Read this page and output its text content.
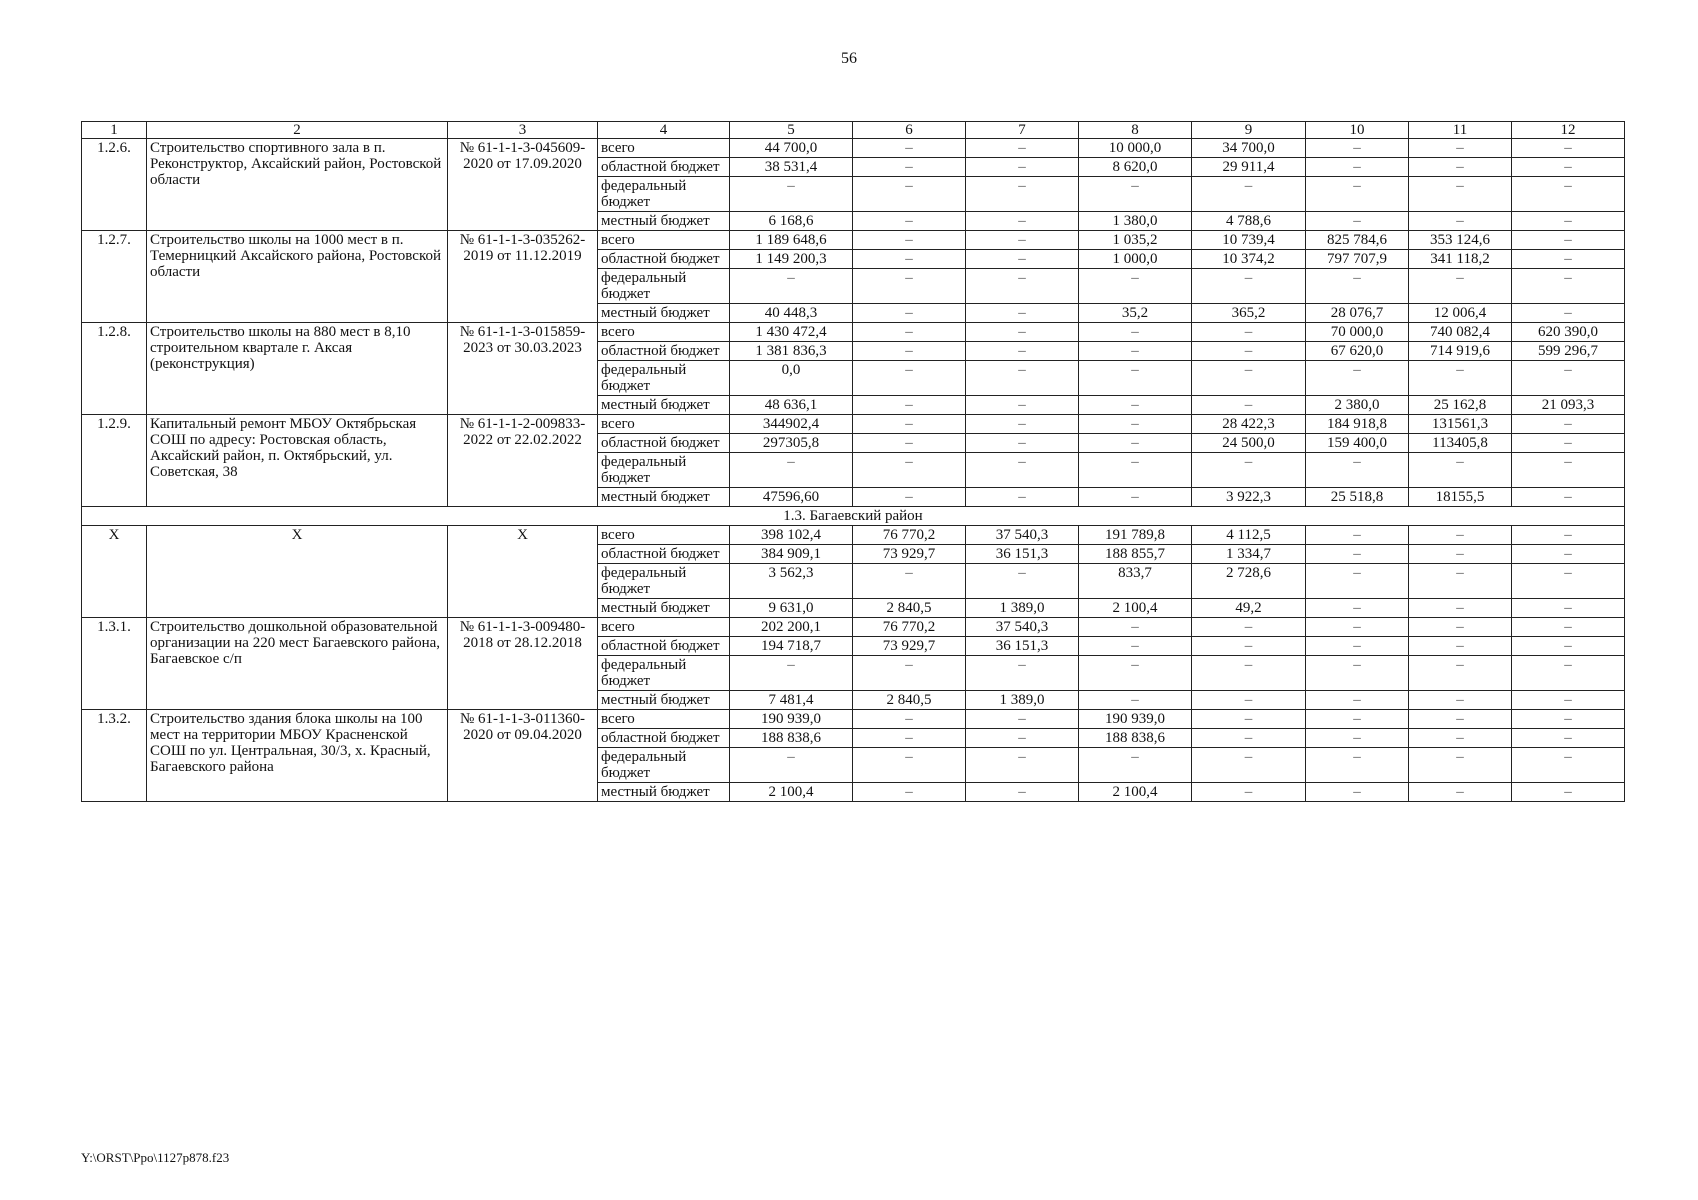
56
1	2	3	4	5	6	7	8	9	10	11	12
1.2.6.	Строительство спортивного зала в п. Реконструктор, Аксайский район, Ростовской области	№ 61-1-1-3-045609-2020 от 17.09.2020	всего	44 700,0	–	–	10 000,0	34 700,0	–	–	–
			областной бюджет	38 531,4	–	–	8 620,0	29 911,4	–	–	–
			федеральный бюджет	–	–	–	–	–	–	–	–
			местный бюджет	6 168,6	–	–	1 380,0	4 788,6	–	–	–
1.2.7.	Строительство школы на 1000 мест в п. Темерницкий Аксайского района, Ростовской области	№ 61-1-1-3-035262-2019 от 11.12.2019	всего	1 189 648,6	–	–	1 035,2	10 739,4	825 784,6	353 124,6	–
			областной бюджет	1 149 200,3	–	–	1 000,0	10 374,2	797 707,9	341 118,2	–
			федеральный бюджет	–	–	–	–	–	–	–	–
			местный бюджет	40 448,3	–	–	35,2	365,2	28 076,7	12 006,4	–
1.2.8.	Строительство школы на 880 мест в 8,10 строительном квартале г. Аксая (реконструкция)	№ 61-1-1-3-015859-2023 от 30.03.2023	всего	1 430 472,4	–	–	–	–	70 000,0	740 082,4	620 390,0
			областной бюджет	1 381 836,3	–	–	–	–	67 620,0	714 919,6	599 296,7
			федеральный бюджет	0,0	–	–	–	–	–	–	–
			местный бюджет	48 636,1	–	–	–	–	2 380,0	25 162,8	21 093,3
1.2.9.	Капитальный ремонт МБОУ Октябрьская СОШ по адресу: Ростовская область, Аксайский район, п. Октябрьский, ул. Советская, 38	№ 61-1-1-2-009833-2022 от 22.02.2022	всего	344902,4	–	–	–	28 422,3	184 918,8	131561,3	–
			областной бюджет	297305,8	–	–	–	24 500,0	159 400,0	113405,8	–
			федеральный бюджет	–	–	–	–	–	–	–	–
			местный бюджет	47596,60	–	–	–	3 922,3	25 518,8	18155,5	–
1.3. Багаевский район											
X	X	X	всего	398 102,4	76 770,2	37 540,3	191 789,8	4 112,5	–	–	–
			областной бюджет	384 909,1	73 929,7	36 151,3	188 855,7	1 334,7	–	–	–
			федеральный бюджет	3 562,3	–	–	833,7	2 728,6	–	–	–
			местный бюджет	9 631,0	2 840,5	1 389,0	2 100,4	49,2	–	–	–
1.3.1.	Строительство дошкольной образовательной организации на 220 мест Багаевского района, Багаевское с/п	№ 61-1-1-3-009480-2018 от 28.12.2018	всего	202 200,1	76 770,2	37 540,3	–	–	–	–	–
			областной бюджет	194 718,7	73 929,7	36 151,3	–	–	–	–	–
			федеральный бюджет	–	–	–	–	–	–	–	–
			местный бюджет	7 481,4	2 840,5	1 389,0	–	–	–	–	–
1.3.2.	Строительство здания блока школы на 100 мест на территории МБОУ Красненской СОШ по ул. Центральная, 30/3, х. Красный, Багаевского района	№ 61-1-1-3-011360-2020 от 09.04.2020	всего	190 939,0	–	–	190 939,0	–	–	–	–
			областной бюджет	188 838,6	–	–	188 838,6	–	–	–	–
			федеральный бюджет	–	–	–	–	–	–	–	–
			местный бюджет	2 100,4	–	–	2 100,4	–	–	–	–
Y:\ORST\Ppo\1127p878.f23
